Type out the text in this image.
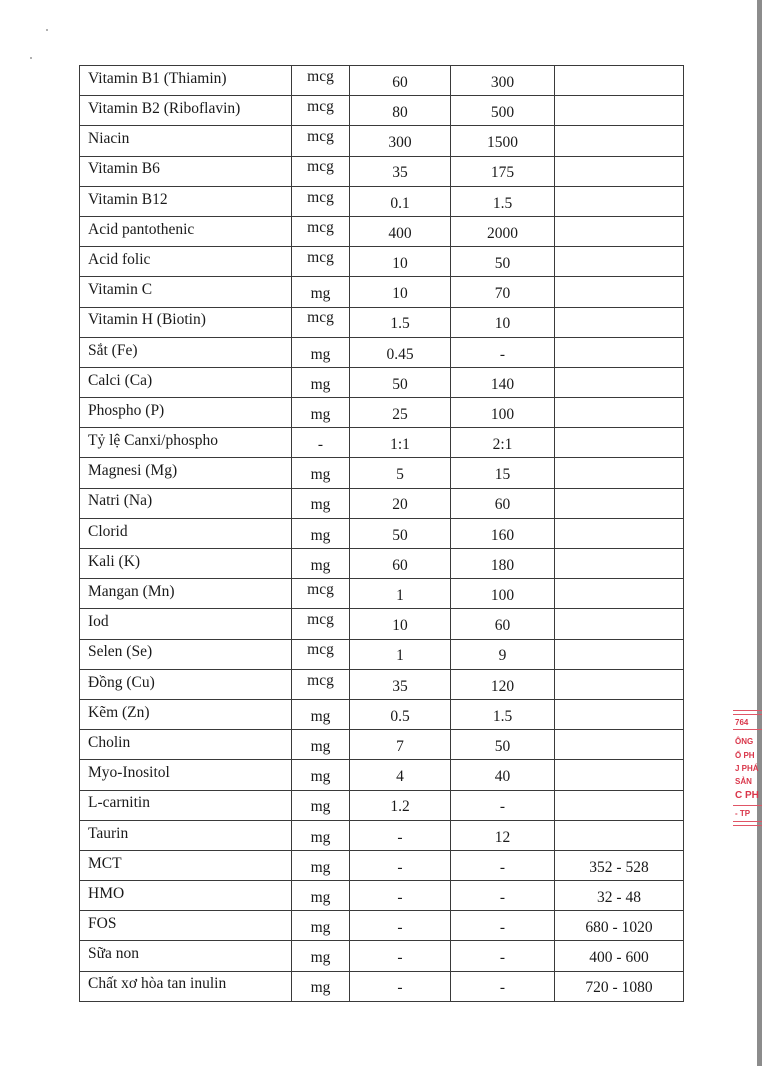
Vitamin B1 (Thiamin)	mcg	60	300	
Vitamin B2 (Riboflavin)	mcg	80	500	
Niacin	mcg	300	1500	
Vitamin B6	mcg	35	175	
Vitamin B12	mcg	0.1	1.5	
Acid pantothenic	mcg	400	2000	
Acid folic	mcg	10	50	
Vitamin C	mg	10	70	
Vitamin H (Biotin)	mcg	1.5	10	
Sắt (Fe)	mg	0.45	-	
Calci (Ca)	mg	50	140	
Phospho (P)	mg	25	100	
Tỷ lệ Canxi/phospho	-	1:1	2:1	
Magnesi (Mg)	mg	5	15	
Natri (Na)	mg	20	60	
Clorid	mg	50	160	
Kali (K)	mg	60	180	
Mangan (Mn)	mcg	1	100	
Iod	mcg	10	60	
Selen (Se)	mcg	1	9	
Đồng (Cu)	mcg	35	120	
Kẽm (Zn)	mg	0.5	1.5	
Cholin	mg	7	50	
Myo-Inositol	mg	4	40	
L-carnitin	mg	1.2	-	
Taurin	mg	-	12	
MCT	mg	-	-	352 - 528
HMO	mg	-	-	32 - 48
FOS	mg	-	-	680 - 1020
Sữa non	mg	-	-	400 - 600
Chất xơ hòa tan inulin	mg	-	-	720 - 1080
764
ÔNG
Ổ PH
J PHÁ
SẢN
C PH
- TP
